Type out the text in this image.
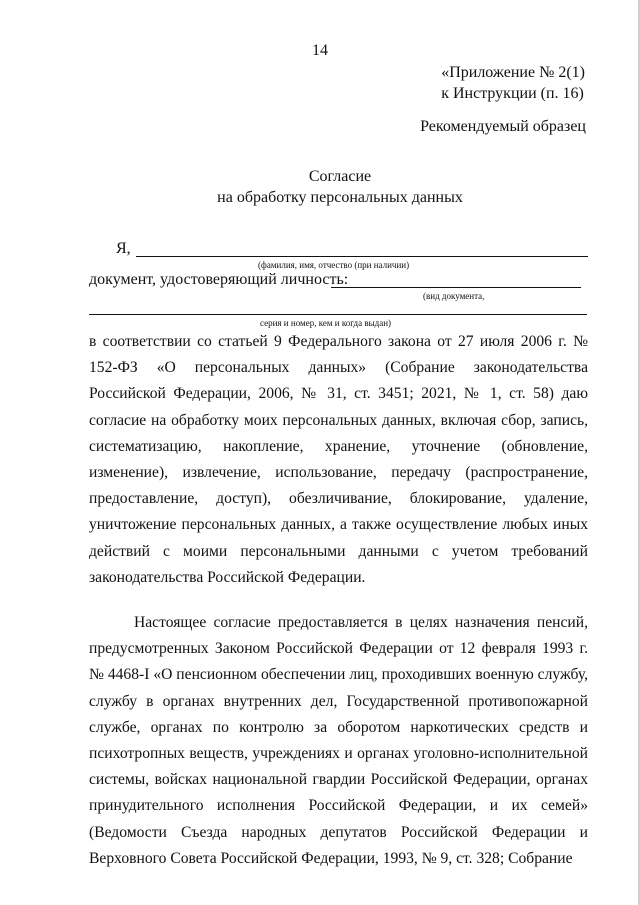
14
«Приложение № 2(1)
к Инструкции (п. 16)
Рекомендуемый образец
Согласие
на обработку персональных данных
Я,
(фамилия, имя, отчество (при наличии)
документ, удостоверяющий личность:
(вид документа,
серия и номер, кем и когда выдан)

в соответствии со статьей 9 Федерального закона от 27 июля 2006 г. № 152-ФЗ «О персональных данных» (Собрание законодательства Российской Федерации, 2006, № 31, ст. 3451; 2021, № 1, ст. 58) даю согласие на обработку моих персональных данных, включая сбор, запись, систематизацию, накопление, хранение, уточнение (обновление, изменение), извлечение, использование, передачу (распространение, предоставление, доступ), обезличивание, блокирование, удаление, уничтожение персональных данных, а также осуществление любых иных действий с моими персональными данными с учетом требований законодательства Российской Федерации.

Настоящее согласие предоставляется в целях назначения пенсий, предусмотренных Законом Российской Федерации от 12 февраля 1993 г. № 4468-I «О пенсионном обеспечении лиц, проходивших военную службу, службу в органах внутренних дел, Государственной противопожарной службе, органах по контролю за оборотом наркотических средств и психотропных веществ, учреждениях и органах уголовно-исполнительной системы, войсках национальной гвардии Российской Федерации, органах принудительного исполнения Российской Федерации, и их семей» (Ведомости Съезда народных депутатов Российской Федерации и Верховного Совета Российской Федерации, 1993, № 9, ст. 328; Собрание
